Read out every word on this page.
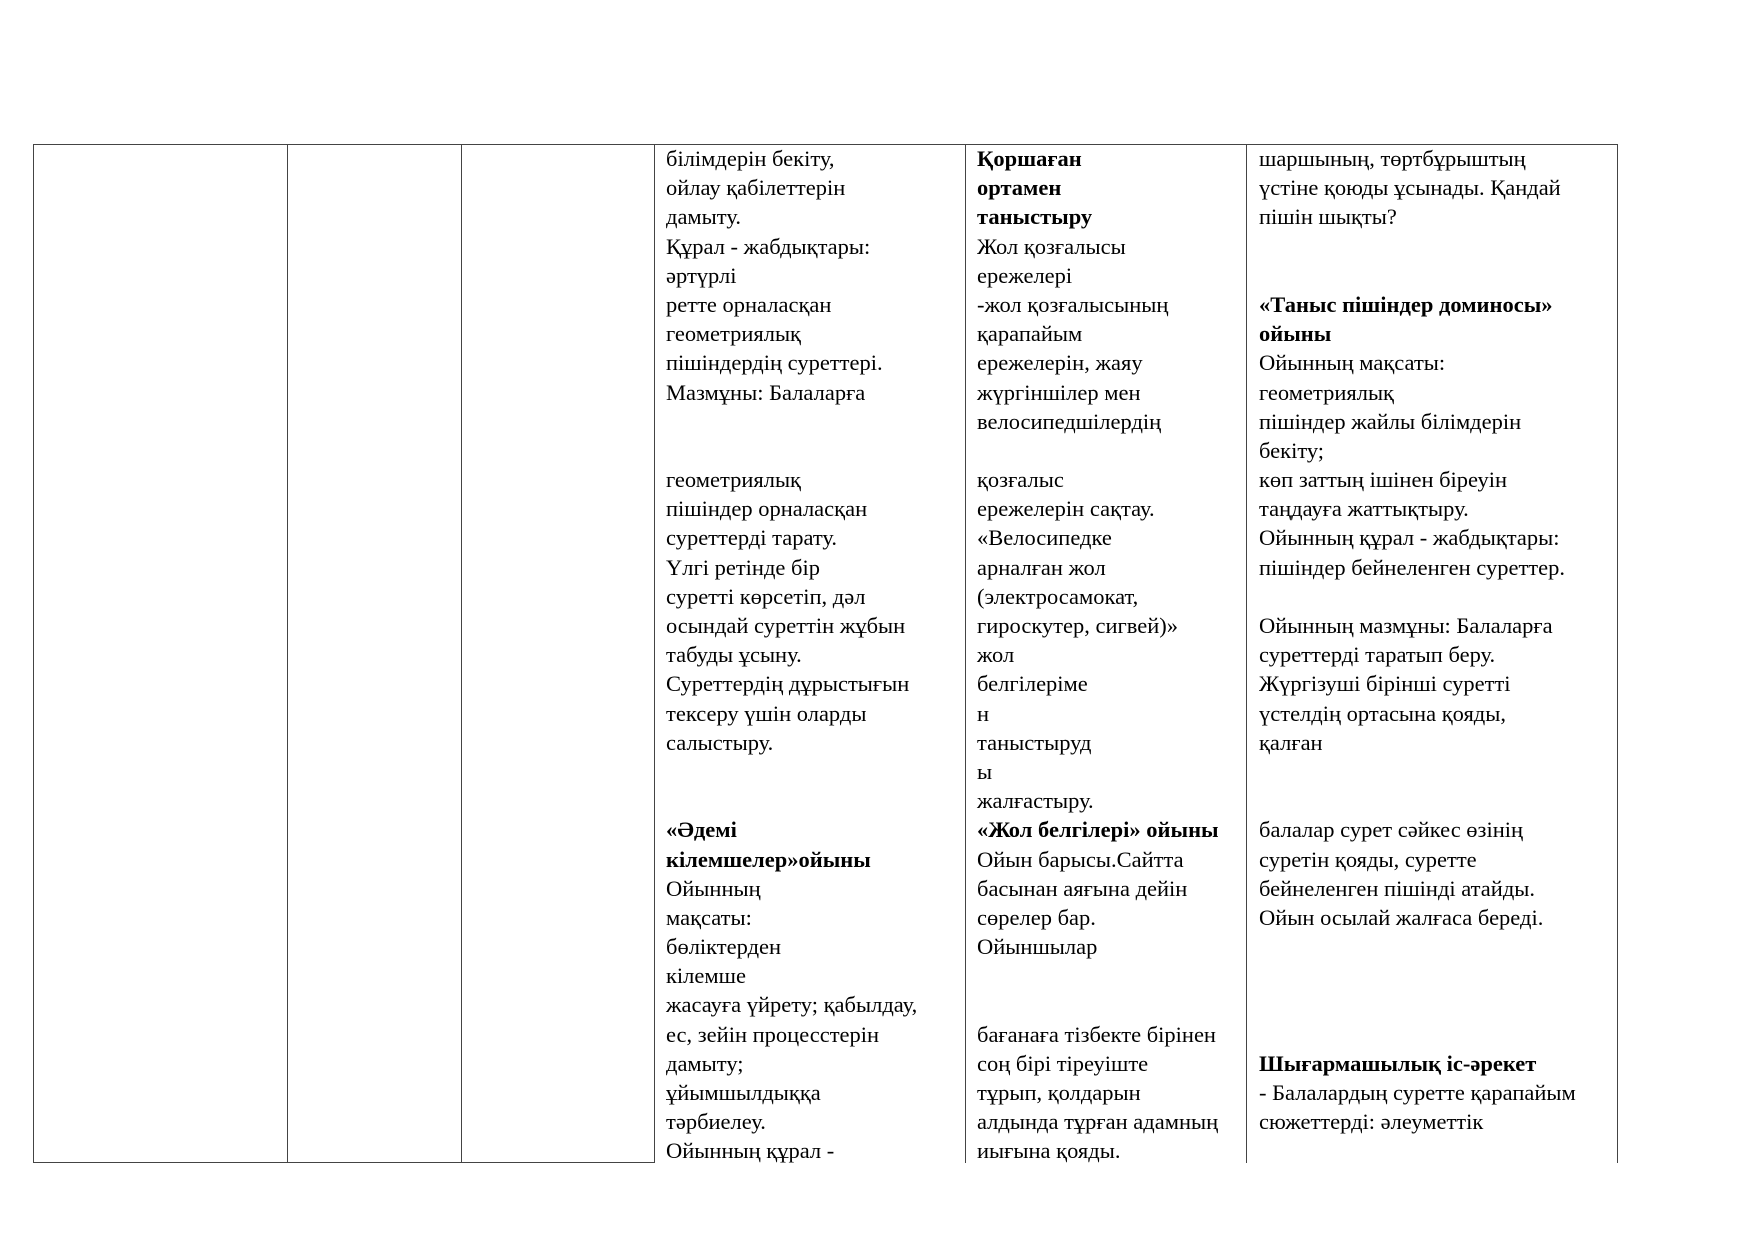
білімдерін бекіту,
ойлау қабілеттерін
дамыту.
Құрал - жабдықтары:
әртүрлі
ретте орналасқан
геометриялық
пішіндердің суреттері.
Мазмұны: Балаларға
геометриялық
пішіндер орналасқан
суреттерді тарату.
Үлгі ретінде бір
суретті көрсетіп, дәл
осындай суреттін жұбын
табуды ұсыну.
Суреттердің дұрыстығын
тексеру үшін оларды
салыстыру.
«Әдемі
кілемшелер»ойыны
Ойынның
мақсаты:
бөліктерден
кілемше
жасауға үйрету; қабылдау,
ес, зейін процесстерін
дамыту;
ұйымшылдыққа
тәрбиелеу.
Ойынның құрал -
Қоршаған
ортамен
таныстыру
Жол қозғалысы
ережелері
-жол қозғалысының
қарапайым
ережелерін, жаяу
жүргіншілер мен
велосипедшілердің
қозғалыс
ережелерін сақтау.
«Велосипедке
арналған жол
(электросамокат,
гироскутер, сигвей)»
жол
белгілеріме
н
таныстыруд
ы
жалғастыру.
«Жол белгілері» ойыны
Ойын барысы.Сайтта
басынан аяғына дейін
сөрелер бар.
Ойыншылар
бағанаға тізбекте бірінен
соң бірі тіреуіште
тұрып, қолдарын
алдында тұрған адамның
иығына қояды.
шаршының, төртбұрыштың
үстіне қоюды ұсынады. Қандай
пішін шықты?
«Таныс пішіндер доминосы»
ойыны
Ойынның мақсаты:
геометриялық
пішіндер жайлы білімдерін
бекіту;
көп заттың ішінен біреуін
таңдауға жаттықтыру.
Ойынның құрал - жабдықтары:
пішіндер бейнеленген суреттер.
Ойынның мазмұны: Балаларға
суреттерді таратып беру.
Жүргізуші бірінші суретті
үстелдің ортасына қояды,
қалған
балалар сурет сәйкес өзінің
суретін қояды, суретте
бейнеленген пішінді атайды.
Ойын осылай жалғаса береді.
Шығармашылық іс-әрекет
- Балалардың суретте қарапайым
сюжеттерді: әлеуметтік
